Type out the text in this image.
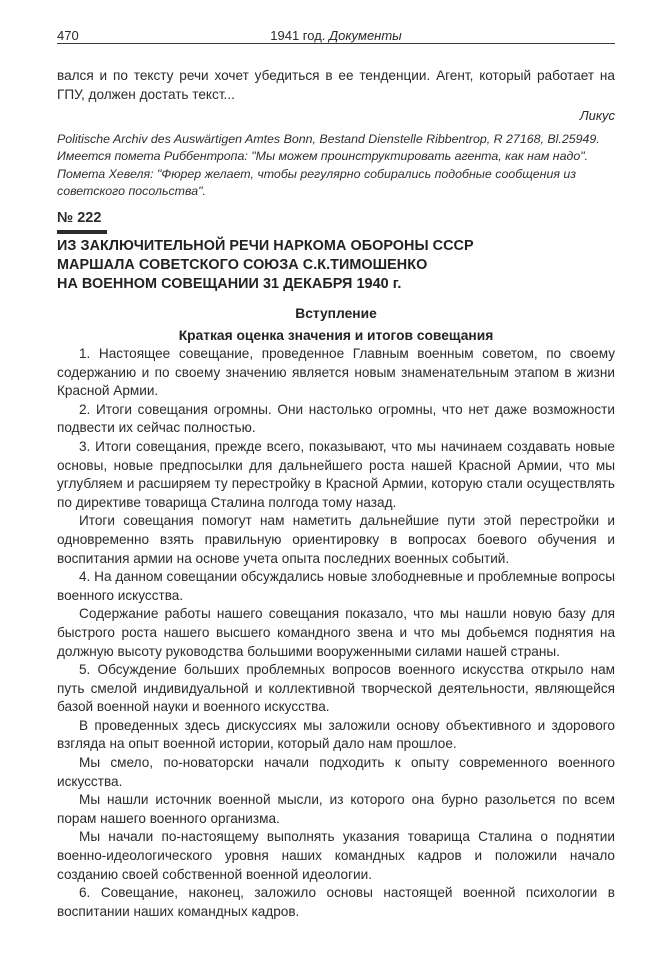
470	1941 год. Документы

вался и по тексту речи хочет убедиться в ее тенденции. Агент, который работает на ГПУ, должен достать текст...

Ликус

Politische Archiv des Auswärtigen Amtes Bonn, Bestand Dienstelle Ribbentrop, R 27168, Bl.25949. Имеется помета Риббентропа: "Мы можем проинструктировать агента, как нам надо". Помета Хевеля: "Фюрер желает, чтобы регулярно собирались подобные сообщения из советского посольства".

№ 222
ИЗ ЗАКЛЮЧИТЕЛЬНОЙ РЕЧИ НАРКОМА ОБОРОНЫ СССР
МАРШАЛА СОВЕТСКОГО СОЮЗА С.К.ТИМОШЕНКО
НА ВОЕННОМ СОВЕЩАНИИ 31 ДЕКАБРЯ 1940 г.
Вступление
Краткая оценка значения и итогов совещания

1. Настоящее совещание, проведенное Главным военным советом, по своему содержанию и по своему значению является новым знаменательным этапом в жизни Красной Армии.

2. Итоги совещания огромны. Они настолько огромны, что нет даже возможности подвести их сейчас полностью.

3. Итоги совещания, прежде всего, показывают, что мы начинаем создавать новые основы, новые предпосылки для дальнейшего роста нашей Красной Армии, что мы углубляем и расширяем ту перестройку в Красной Армии, которую стали осуществлять по директиве товарища Сталина полгода тому назад.

Итоги совещания помогут нам наметить дальнейшие пути этой перестройки и одновременно взять правильную ориентировку в вопросах боевого обучения и воспитания армии на основе учета опыта последних военных событий.

4. На данном совещании обсуждались новые злободневные и проблемные вопросы военного искусства.

Содержание работы нашего совещания показало, что мы нашли новую базу для быстрого роста нашего высшего командного звена и что мы добьемся поднятия на должную высоту руководства большими вооруженными силами нашей страны.

5. Обсуждение больших проблемных вопросов военного искусства открыло нам путь смелой индивидуальной и коллективной творческой деятельности, являющейся базой военной науки и военного искусства.

В проведенных здесь дискуссиях мы заложили основу объективного и здорового взгляда на опыт военной истории, который дало нам прошлое.

Мы смело, по-новаторски начали подходить к опыту современного военного искусства.

Мы нашли источник военной мысли, из которого она бурно разольется по всем порам нашего военного организма.

Мы начали по-настоящему выполнять указания товарища Сталина о поднятии военно-идеологического уровня наших командных кадров и положили начало созданию своей собственной военной идеологии.

6. Совещание, наконец, заложило основы настоящей военной психологии в воспитании наших командных кадров.
